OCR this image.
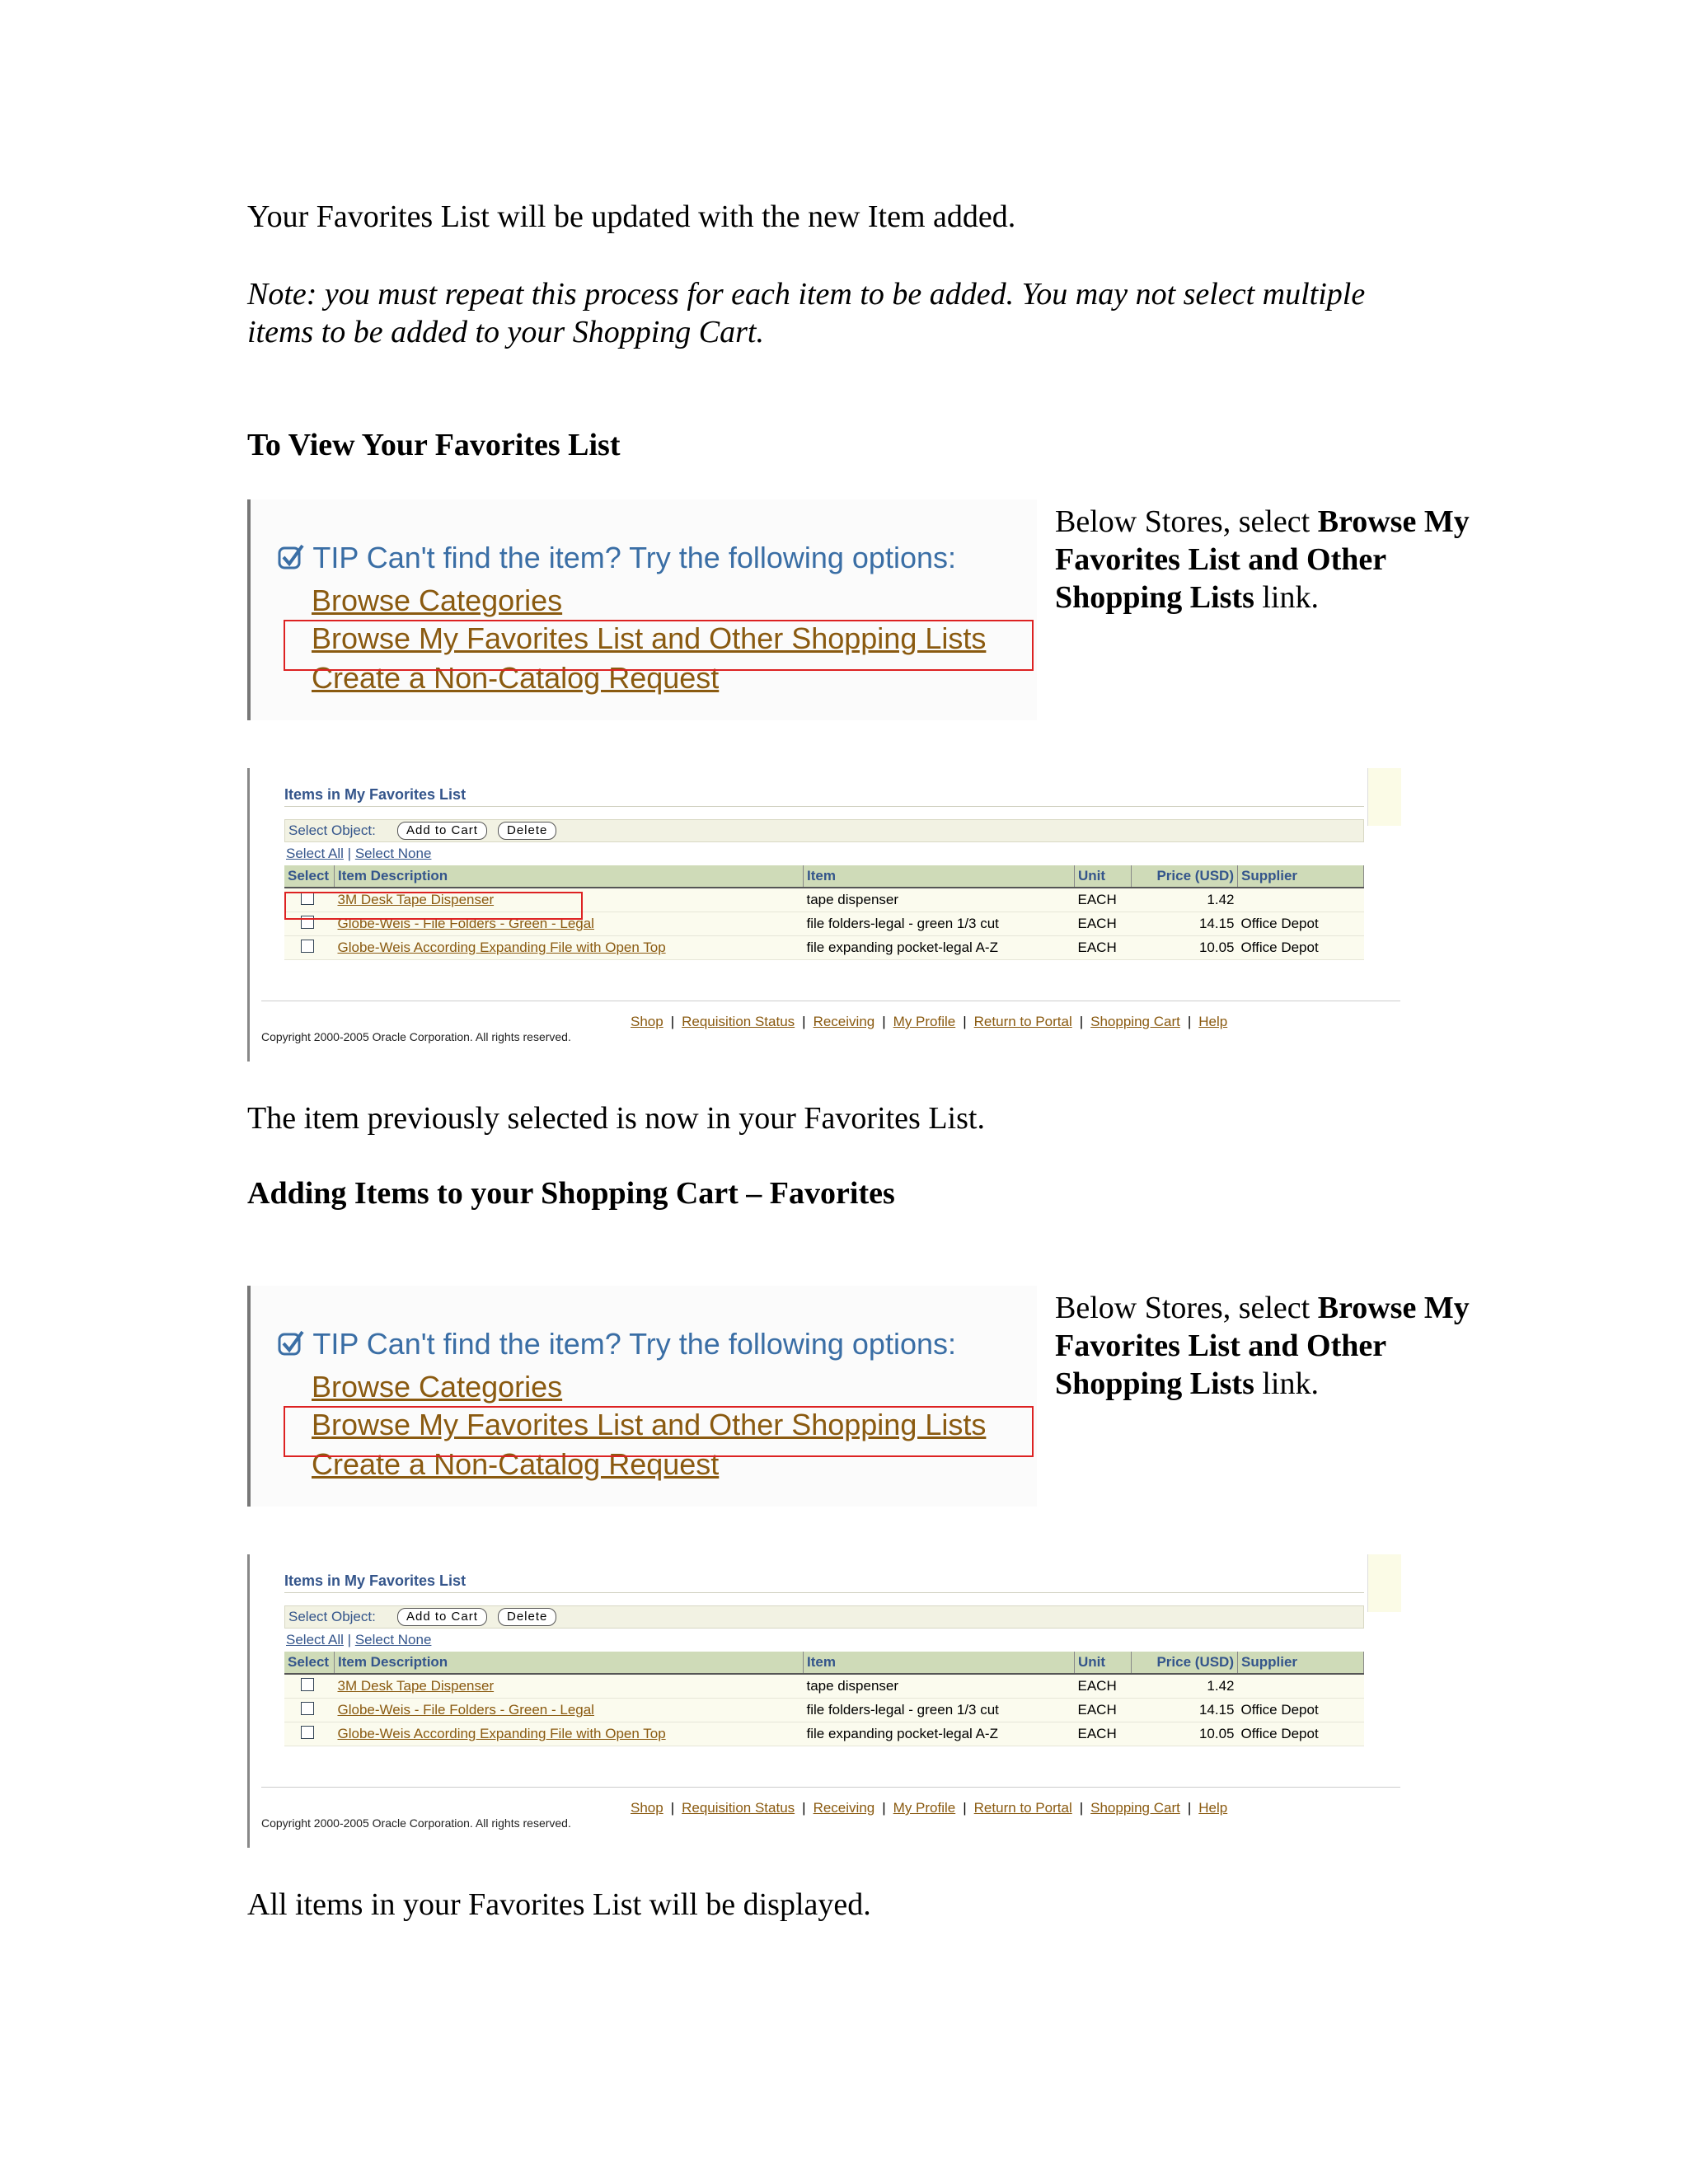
Your Favorites List will be updated with the new Item added.
Note: you must repeat this process for each item to be added. You may not select multiple items to be added to your Shopping Cart.
To View Your Favorites List
TIP Can't find the item? Try the following options:
Browse Categories
Browse My Favorites List and Other Shopping Lists
Create a Non-Catalog Request
Below Stores, select Browse My Favorites List and Other Shopping Lists link.
Items in My Favorites List
Select Object:	Add to Cart	Delete
Select All | Select None
Select	Item Description	Item	Unit	Price (USD)	Supplier
	3M Desk Tape Dispenser	tape dispenser	EACH	1.42	
	Globe-Weis - File Folders - Green - Legal	file folders-legal - green 1/3 cut	EACH	14.15	Office Depot
	Globe-Weis According Expanding File with Open Top	file expanding pocket-legal A-Z	EACH	10.05	Office Depot
Shop | Requisition Status | Receiving | My Profile | Return to Portal | Shopping Cart | Help
Copyright 2000-2005 Oracle Corporation. All rights reserved.
The item previously selected is now in your Favorites List.
Adding Items to your Shopping Cart – Favorites
TIP Can't find the item? Try the following options:
Browse Categories
Browse My Favorites List and Other Shopping Lists
Create a Non-Catalog Request
Below Stores, select Browse My Favorites List and Other Shopping Lists link.
Items in My Favorites List
Select Object:	Add to Cart	Delete
Select All | Select None
Select	Item Description	Item	Unit	Price (USD)	Supplier
	3M Desk Tape Dispenser	tape dispenser	EACH	1.42	
	Globe-Weis - File Folders - Green - Legal	file folders-legal - green 1/3 cut	EACH	14.15	Office Depot
	Globe-Weis According Expanding File with Open Top	file expanding pocket-legal A-Z	EACH	10.05	Office Depot
Shop | Requisition Status | Receiving | My Profile | Return to Portal | Shopping Cart | Help
Copyright 2000-2005 Oracle Corporation. All rights reserved.
All items in your Favorites List will be displayed.
